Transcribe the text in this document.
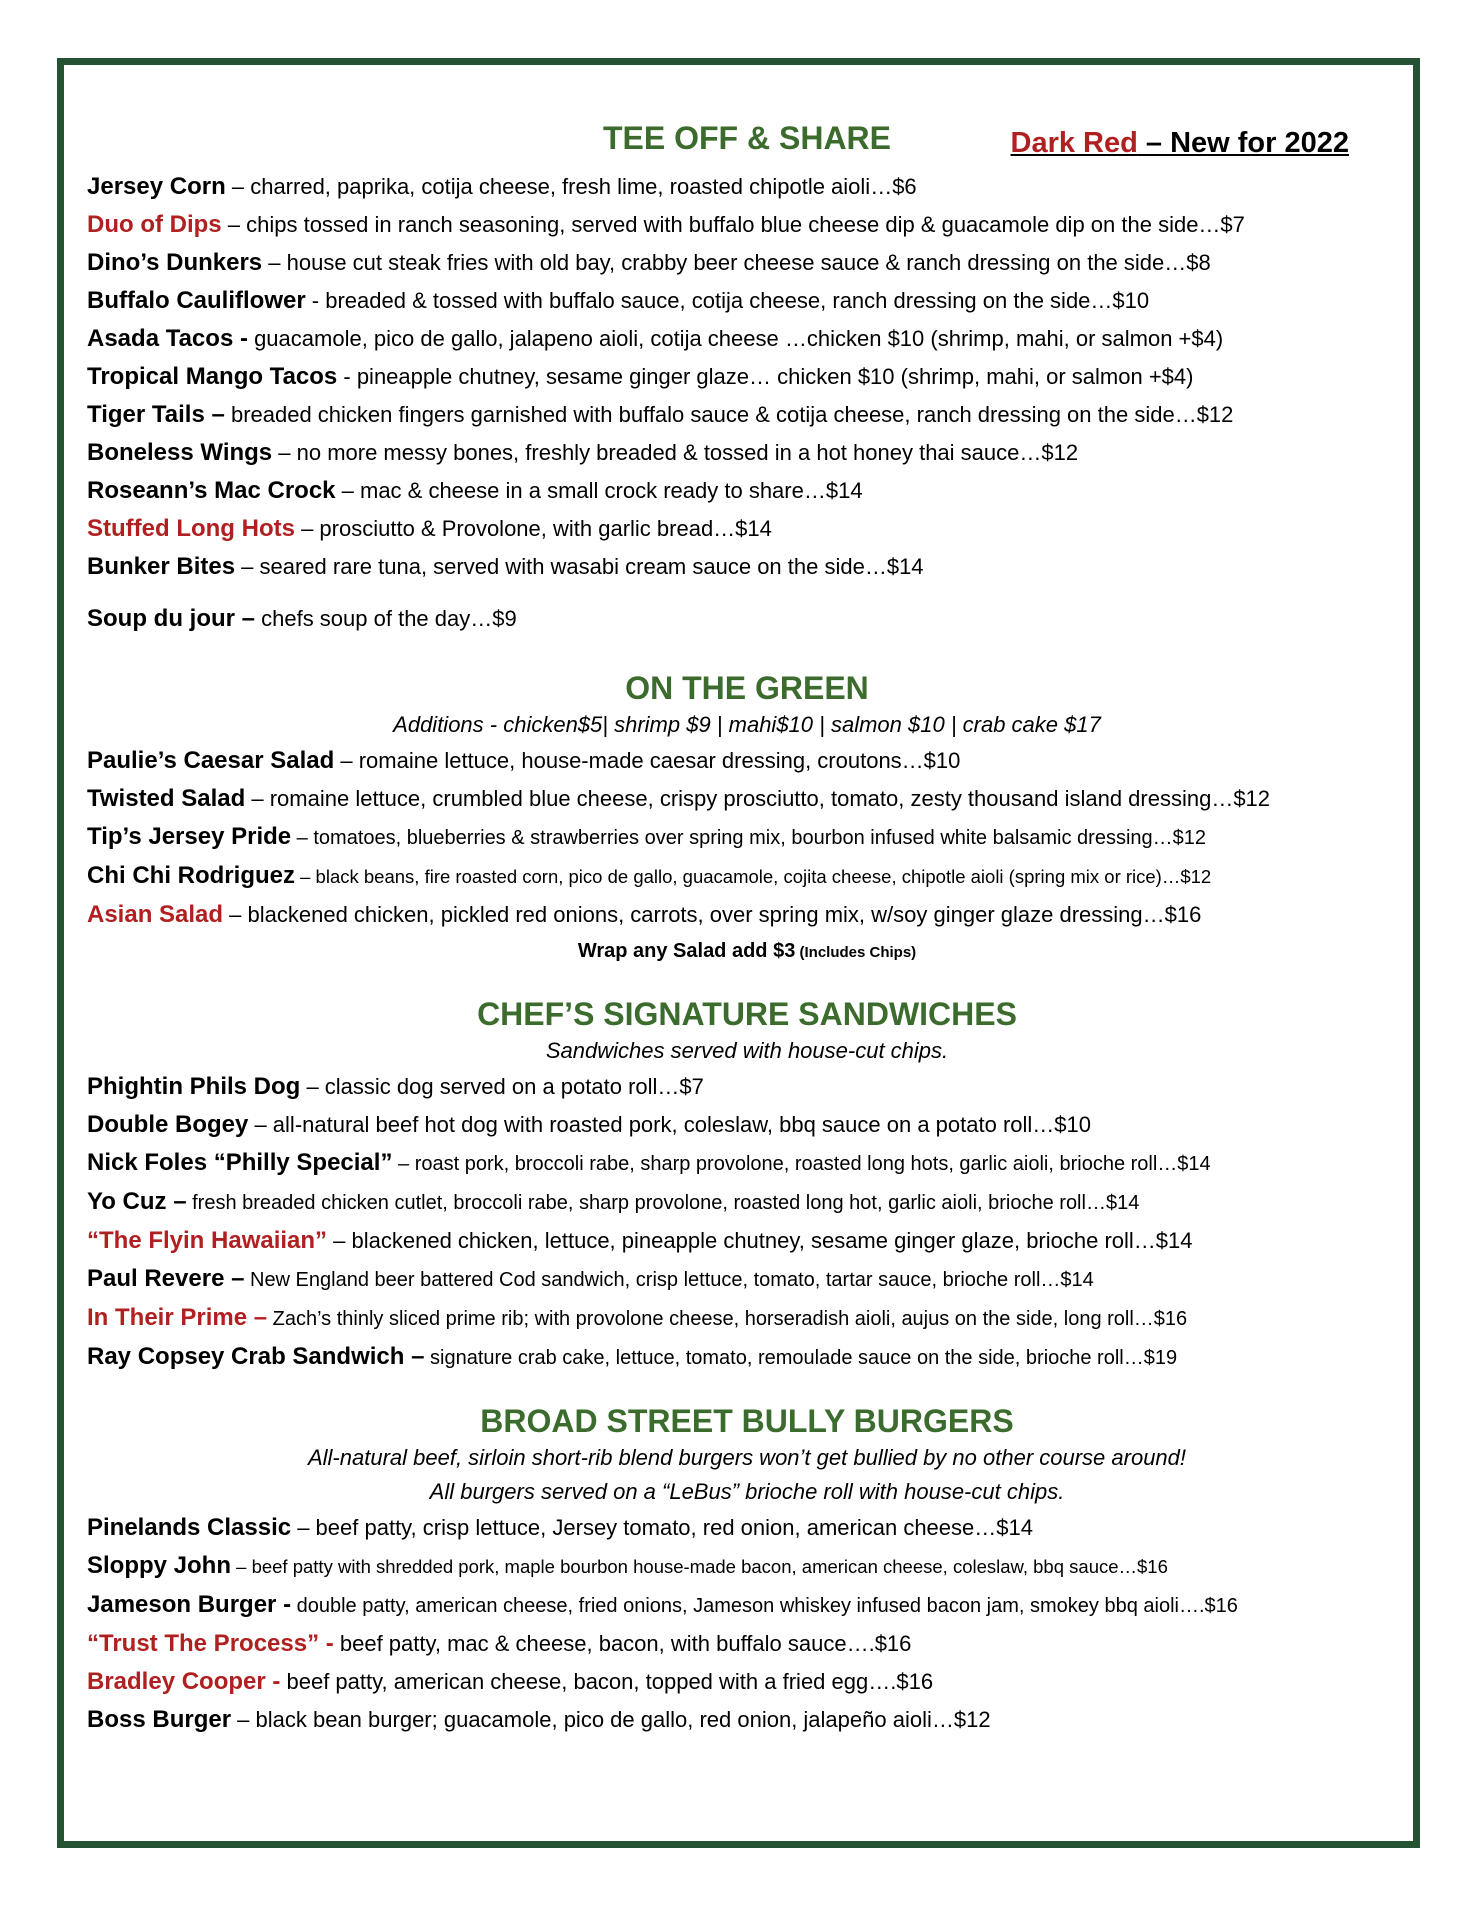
TEE OFF & SHARE	Dark Red – New for 2022
Jersey Corn – charred, paprika, cotija cheese, fresh lime, roasted chipotle aioli…$6
Duo of Dips – chips tossed in ranch seasoning, served with buffalo blue cheese dip & guacamole dip on the side…$7
Dino’s Dunkers – house cut steak fries with old bay, crabby beer cheese sauce & ranch dressing on the side…$8
Buffalo Cauliflower - breaded & tossed with buffalo sauce, cotija cheese, ranch dressing on the side…$10
Asada Tacos - guacamole, pico de gallo, jalapeno aioli, cotija cheese …chicken $10 (shrimp, mahi, or salmon +$4)
Tropical Mango Tacos - pineapple chutney, sesame ginger glaze… chicken $10 (shrimp, mahi, or salmon +$4)
Tiger Tails – breaded chicken fingers garnished with buffalo sauce & cotija cheese, ranch dressing on the side…$12
Boneless Wings – no more messy bones, freshly breaded & tossed in a hot honey thai sauce…$12
Roseann’s Mac Crock – mac & cheese in a small crock ready to share…$14
Stuffed Long Hots – prosciutto & Provolone, with garlic bread…$14
Bunker Bites – seared rare tuna, served with wasabi cream sauce on the side…$14
Soup du jour – chefs soup of the day…$9
ON THE GREEN
Additions - chicken$5| shrimp $9 | mahi$10 | salmon $10 | crab cake $17
Paulie’s Caesar Salad – romaine lettuce, house-made caesar dressing, croutons…$10
Twisted Salad – romaine lettuce, crumbled blue cheese, crispy prosciutto, tomato, zesty thousand island dressing…$12
Tip’s Jersey Pride – tomatoes, blueberries & strawberries over spring mix, bourbon infused white balsamic dressing…$12
Chi Chi Rodriguez – black beans, fire roasted corn, pico de gallo, guacamole, cojita cheese, chipotle aioli (spring mix or rice)…$12
Asian Salad – blackened chicken, pickled red onions, carrots, over spring mix, w/soy ginger glaze dressing…$16
Wrap any Salad add $3 (Includes Chips)
CHEF’S SIGNATURE SANDWICHES
Sandwiches served with house-cut chips.
Phightin Phils Dog – classic dog served on a potato roll…$7
Double Bogey – all-natural beef hot dog with roasted pork, coleslaw, bbq sauce on a potato roll…$10
Nick Foles “Philly Special” – roast pork, broccoli rabe, sharp provolone, roasted long hots, garlic aioli, brioche roll…$14
Yo Cuz – fresh breaded chicken cutlet, broccoli rabe, sharp provolone, roasted long hot, garlic aioli, brioche roll…$14
“The Flyin Hawaiian” – blackened chicken, lettuce, pineapple chutney, sesame ginger glaze, brioche roll…$14
Paul Revere – New England beer battered Cod sandwich, crisp lettuce, tomato, tartar sauce, brioche roll…$14
In Their Prime – Zach’s thinly sliced prime rib; with provolone cheese, horseradish aioli, aujus on the side, long roll…$16
Ray Copsey Crab Sandwich – signature crab cake, lettuce, tomato, remoulade sauce on the side, brioche roll…$19
BROAD STREET BULLY BURGERS
All-natural beef, sirloin short-rib blend burgers won’t get bullied by no other course around!
All burgers served on a “LeBus” brioche roll with house-cut chips.
Pinelands Classic – beef patty, crisp lettuce, Jersey tomato, red onion, american cheese…$14
Sloppy John – beef patty with shredded pork, maple bourbon house-made bacon, american cheese, coleslaw, bbq sauce…$16
Jameson Burger - double patty, american cheese, fried onions, Jameson whiskey infused bacon jam, smokey bbq aioli….$16
“Trust The Process” - beef patty, mac & cheese, bacon, with buffalo sauce….$16
Bradley Cooper - beef patty, american cheese, bacon, topped with a fried egg….$16
Boss Burger – black bean burger; guacamole, pico de gallo, red onion, jalapeño aioli…$12
